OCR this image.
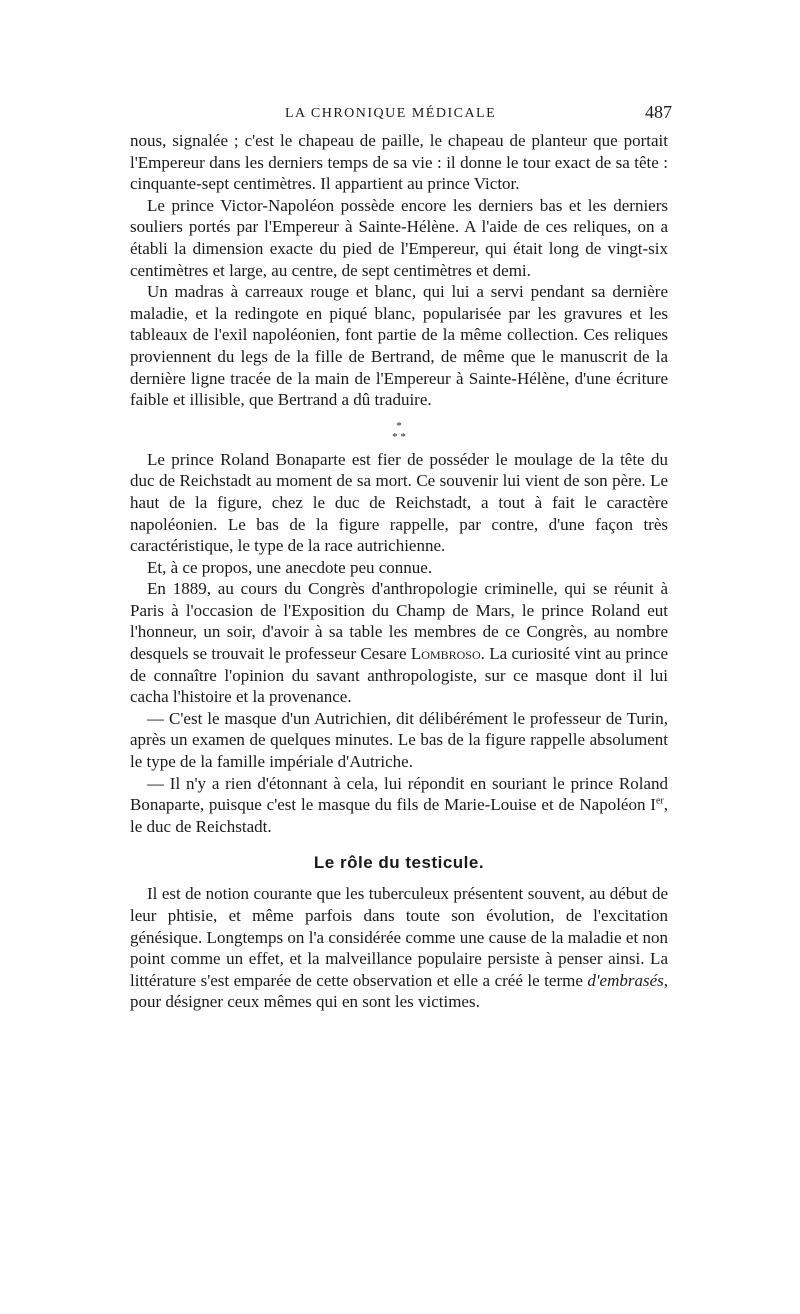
LA CHRONIQUE MÉDICALE	487

nous, signalée ; c'est le chapeau de paille, le chapeau de planteur que portait l'Empereur dans les derniers temps de sa vie : il donne le tour exact de sa tête : cinquante-sept centimètres. Il appartient au prince Victor.

Le prince Victor-Napoléon possède encore les derniers bas et les derniers souliers portés par l'Empereur à Sainte-Hélène. A l'aide de ces reliques, on a établi la dimension exacte du pied de l'Empereur, qui était long de vingt-six centimètres et large, au centre, de sept centimètres et demi.

Un madras à carreaux rouge et blanc, qui lui a servi pendant sa dernière maladie, et la redingote en piqué blanc, popularisée par les gravures et les tableaux de l'exil napoléonien, font partie de la même collection. Ces reliques proviennent du legs de la fille de Bertrand, de même que le manuscrit de la dernière ligne tracée de la main de l'Empereur à Sainte-Hélène, d'une écriture faible et illisible, que Bertrand a dû traduire.

*
* *

Le prince Roland Bonaparte est fier de posséder le moulage de la tête du duc de Reichstadt au moment de sa mort. Ce souvenir lui vient de son père. Le haut de la figure, chez le duc de Reichstadt, a tout à fait le caractère napoléonien. Le bas de la figure rappelle, par contre, d'une façon très caractéristique, le type de la race autrichienne.

Et, à ce propos, une anecdote peu connue.

En 1889, au cours du Congrès d'anthropologie criminelle, qui se réunit à Paris à l'occasion de l'Exposition du Champ de Mars, le prince Roland eut l'honneur, un soir, d'avoir à sa table les membres de ce Congrès, au nombre desquels se trouvait le professeur Cesare Lombroso. La curiosité vint au prince de connaître l'opinion du savant anthropologiste, sur ce masque dont il lui cacha l'histoire et la provenance.

— C'est le masque d'un Autrichien, dit délibérément le professeur de Turin, après un examen de quelques minutes. Le bas de la figure rappelle absolument le type de la famille impériale d'Autriche.

— Il n'y a rien d'étonnant à cela, lui répondit en souriant le prince Roland Bonaparte, puisque c'est le masque du fils de Marie-Louise et de Napoléon Ier, le duc de Reichstadt.

Le rôle du testicule.

Il est de notion courante que les tuberculeux présentent souvent, au début de leur phtisie, et même parfois dans toute son évolution, de l'excitation génésique. Longtemps on l'a considérée comme une cause de la maladie et non point comme un effet, et la malveillance populaire persiste à penser ainsi. La littérature s'est emparée de cette observation et elle a créé le terme d'embrasés, pour désigner ceux mêmes qui en sont les victimes.
